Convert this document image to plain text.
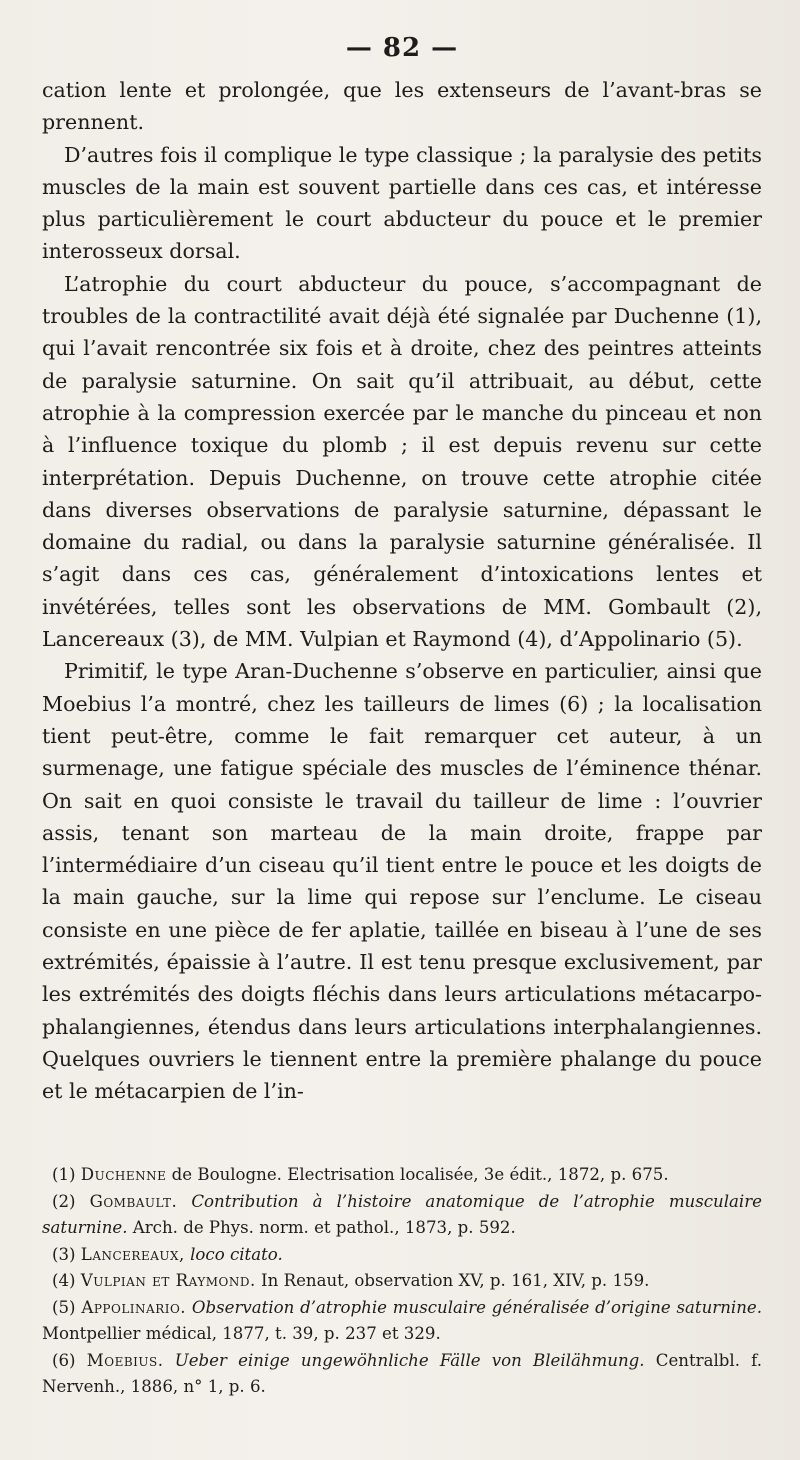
— 82 —

cation lente et prolongée, que les extenseurs de l’avant-bras se prennent.

D’autres fois il complique le type classique ; la paralysie des petits muscles de la main est souvent partielle dans ces cas, et intéresse plus particulièrement le court abducteur du pouce et le premier interosseux dorsal.

L’atrophie du court abducteur du pouce, s’accompagnant de troubles de la contractilité avait déjà été signalée par Duchenne (1), qui l’avait rencontrée six fois et à droite, chez des peintres atteints de paralysie saturnine. On sait qu’il attribuait, au début, cette atrophie à la compression exercée par le manche du pinceau et non à l’influence toxique du plomb ; il est depuis revenu sur cette interprétation. Depuis Duchenne, on trouve cette atrophie citée dans diverses observations de paralysie saturnine, dépassant le domaine du radial, ou dans la paralysie saturnine généralisée. Il s’agit dans ces cas, généralement d’intoxications lentes et invétérées, telles sont les observations de MM. Gombault (2), Lancereaux (3), de MM. Vulpian et Raymond (4), d’Appolinario (5).

Primitif, le type Aran-Duchenne s’observe en particulier, ainsi que Moebius l’a montré, chez les tailleurs de limes (6) ; la localisation tient peut-être, comme le fait remarquer cet auteur, à un surmenage, une fatigue spéciale des muscles de l’éminence thénar. On sait en quoi consiste le travail du tailleur de lime : l’ouvrier assis, tenant son marteau de la main droite, frappe par l’intermédiaire d’un ciseau qu’il tient entre le pouce et les doigts de la main gauche, sur la lime qui repose sur l’enclume. Le ciseau consiste en une pièce de fer aplatie, taillée en biseau à l’une de ses extrémités, épaissie à l’autre. Il est tenu presque exclusivement, par les extrémités des doigts fléchis dans leurs articulations métacarpo-phalangiennes, étendus dans leurs articulations interphalangiennes. Quelques ouvriers le tiennent entre la première phalange du pouce et le métacarpien de l’in-

(1) Duchenne de Boulogne. Electrisation localisée, 3e édit., 1872, p. 675.

(2) Gombault. Contribution à l’histoire anatomique de l’atrophie musculaire saturnine. Arch. de Phys. norm. et pathol., 1873, p. 592.

(3) Lancereaux, loco citato.

(4) Vulpian et Raymond. In Renaut, observation XV, p. 161, XIV, p. 159.

(5) Appolinario. Observation d’atrophie musculaire généralisée d’origine saturnine. Montpellier médical, 1877, t. 39, p. 237 et 329.

(6) Moebius. Ueber einige ungewöhnliche Fälle von Bleilähmung. Centralbl. f. Nervenh., 1886, n° 1, p. 6.
